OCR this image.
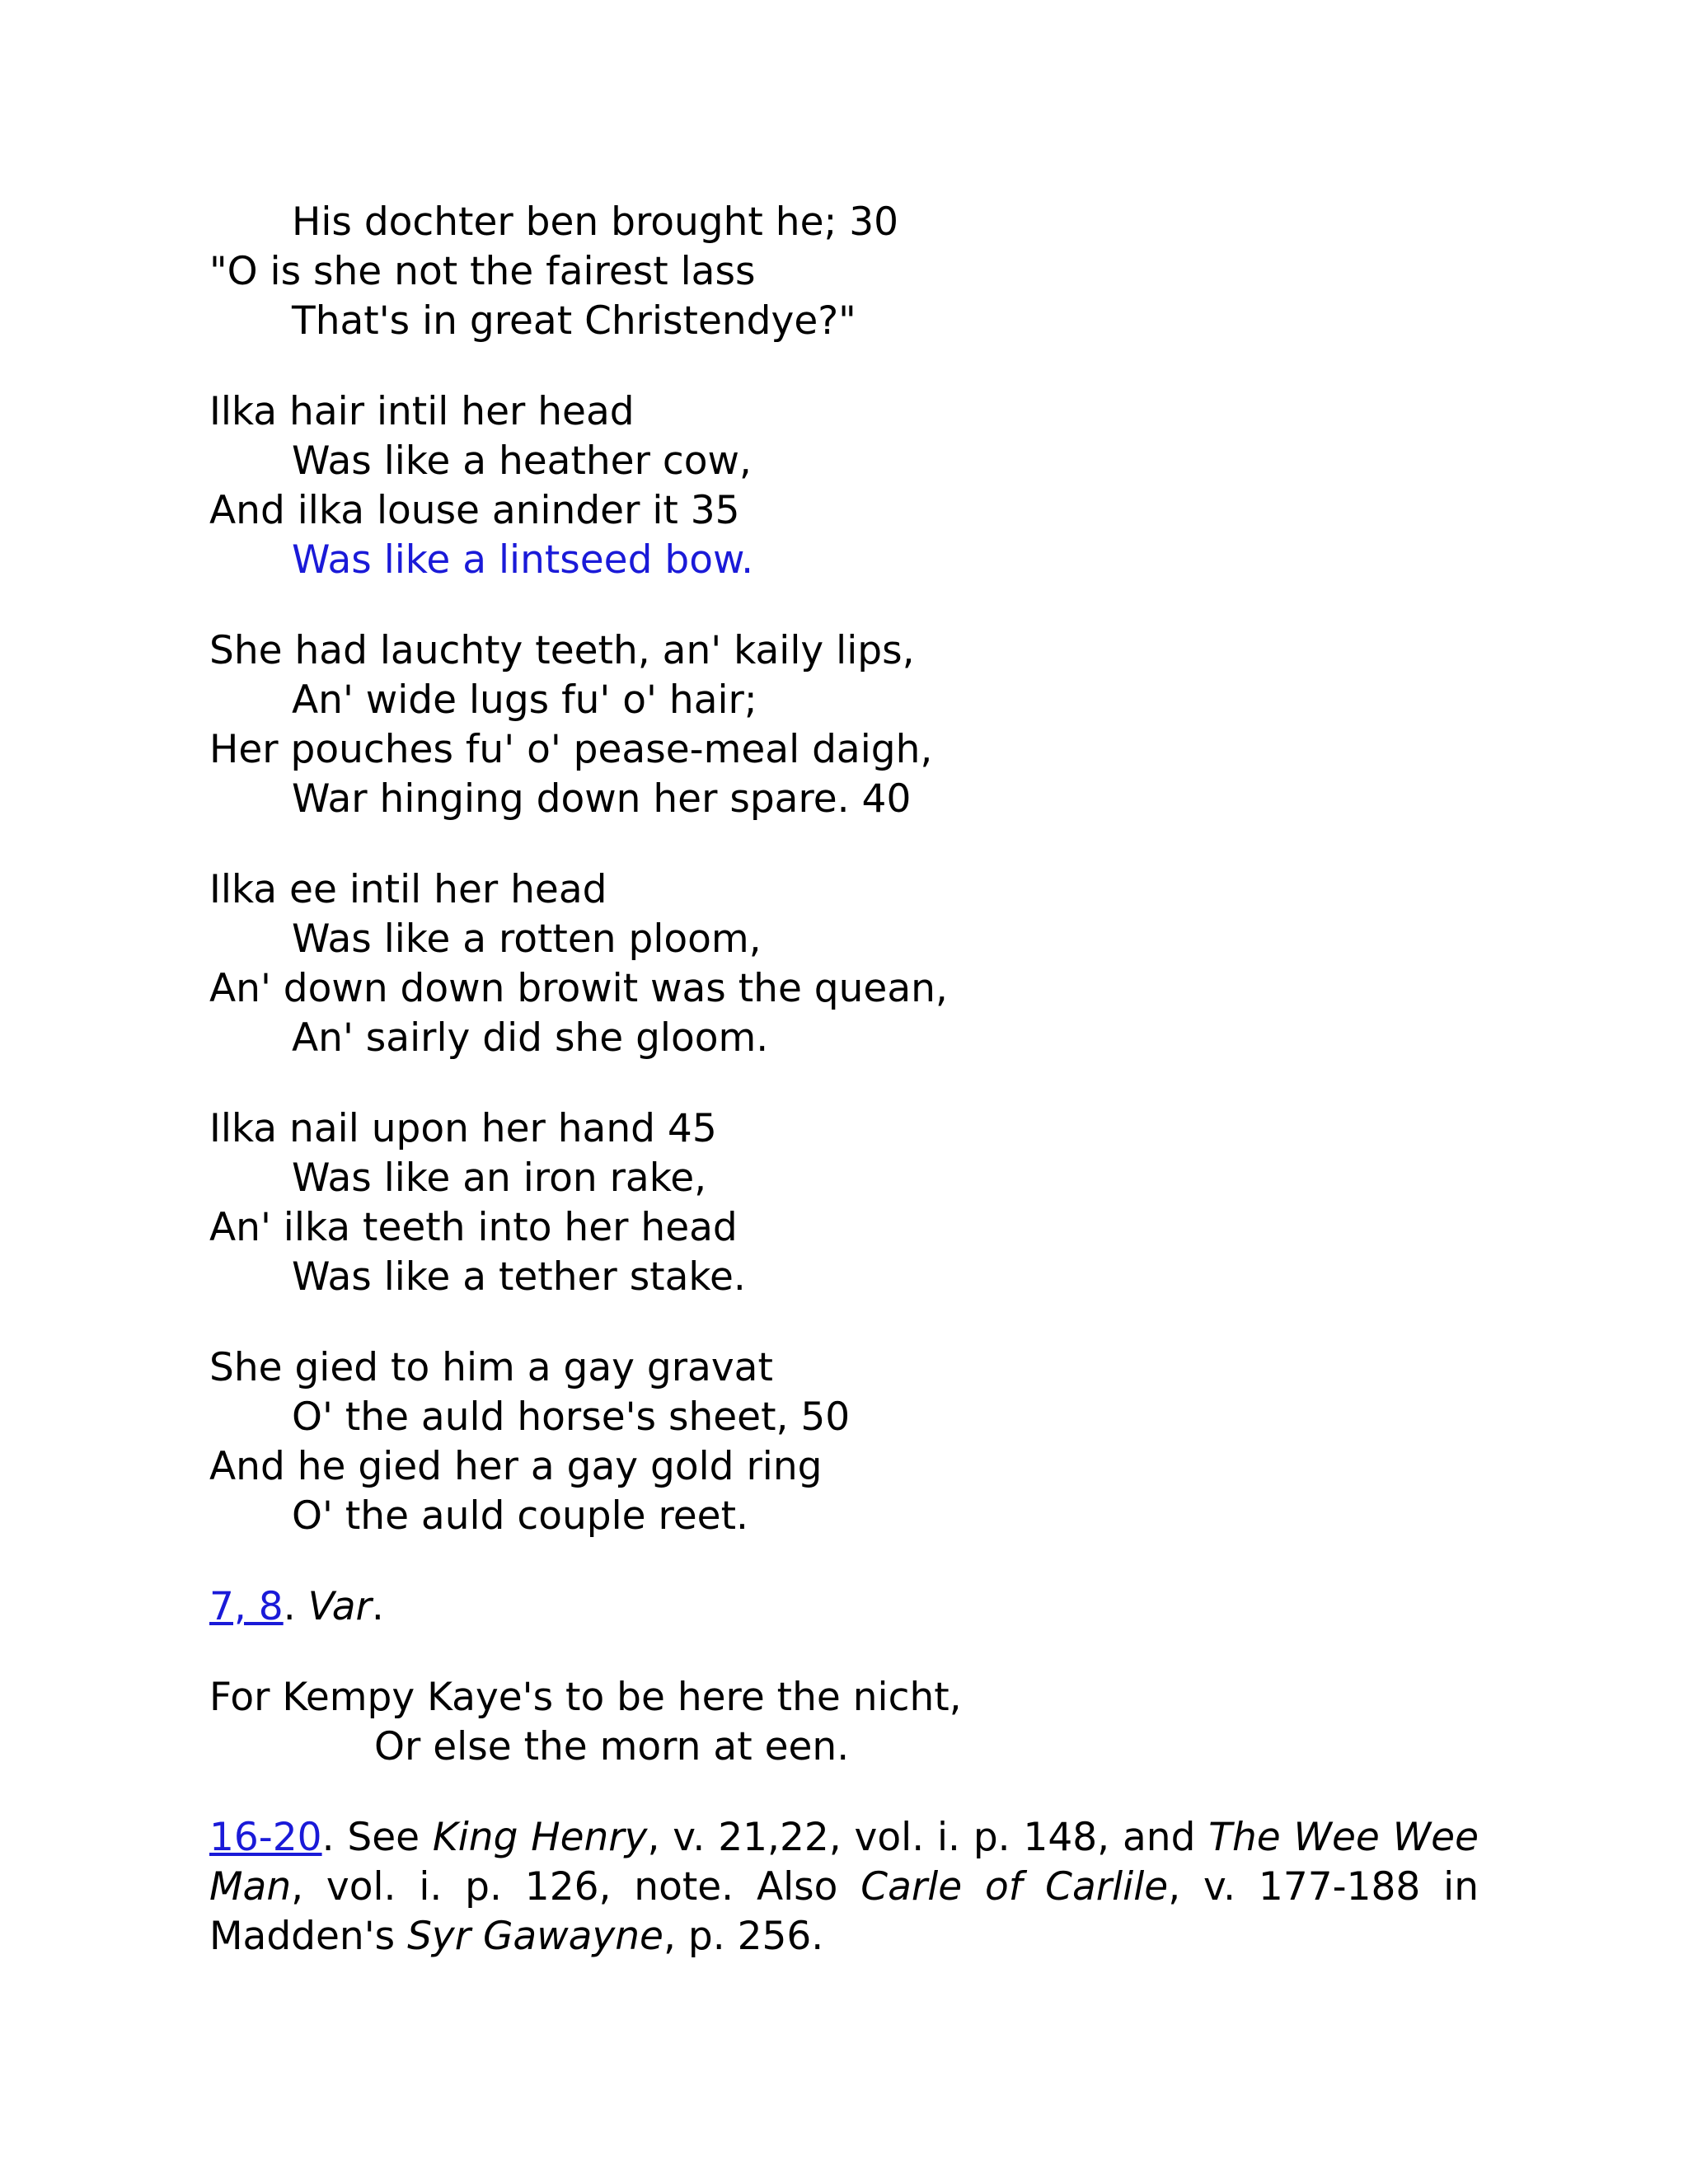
His dochter ben brought he; 30
"O is she not the fairest lass
That's in great Christendye?"
Ilka hair intil her head
Was like a heather cow,
And ilka louse aninder it 35
Was like a lintseed bow.
She had lauchty teeth, an' kaily lips,
An' wide lugs fu' o' hair;
Her pouches fu' o' pease-meal daigh,
War hinging down her spare. 40
Ilka ee intil her head
Was like a rotten ploom,
An' down down browit was the quean,
An' sairly did she gloom.
Ilka nail upon her hand 45
Was like an iron rake,
An' ilka teeth into her head
Was like a tether stake.
She gied to him a gay gravat
O' the auld horse's sheet, 50
And he gied her a gay gold ring
O' the auld couple reet.
7, 8. Var.
For Kempy Kaye's to be here the nicht,
Or else the morn at een.
16-20. See King Henry, v. 21,22, vol. i. p. 148, and The Wee Wee Man, vol. i. p. 126, note. Also Carle of Carlile, v. 177-188 in Madden's Syr Gawayne, p. 256.
